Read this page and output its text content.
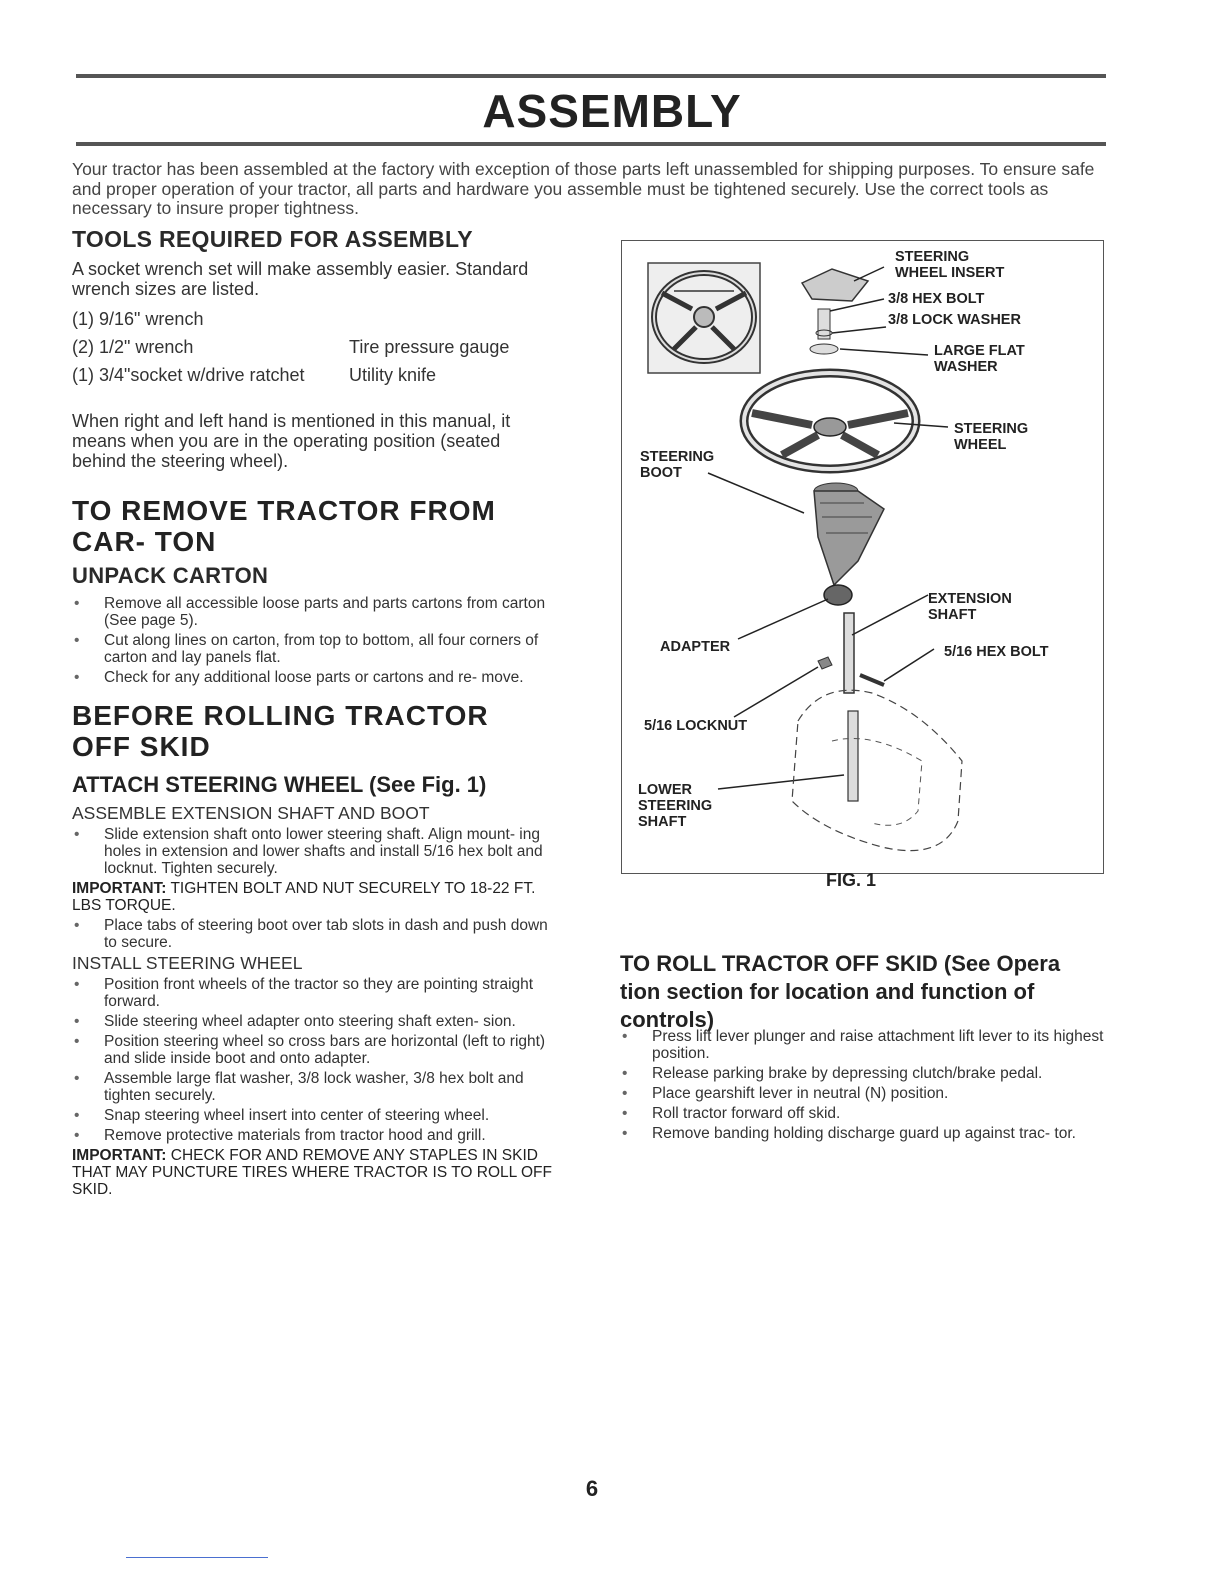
ASSEMBLY
Your tractor has been assembled at the factory with exception of those parts left unassembled for shipping purposes. To ensure safe and proper operation of your tractor, all parts and hardware you assemble must be tightened securely. Use the correct tools as necessary to insure proper tightness.
TOOLS REQUIRED FOR ASSEMBLY
A socket wrench set will make assembly easier. Standard wrench sizes are listed.
(1) 9/16" wrench
(2) 1/2" wrench	Tire pressure gauge
(1) 3/4"socket w/drive ratchet	Utility knife
When right and left hand is mentioned in this manual, it means when you are in the operating position (seated behind the steering wheel).
TO REMOVE TRACTOR FROM CAR- TON
UNPACK CARTON
• Remove all accessible loose parts and parts cartons from carton (See page 5).
• Cut along lines on carton, from top to bottom, all four corners of carton and lay panels flat.
• Check for any additional loose parts or cartons and re- move.
BEFORE ROLLING TRACTOR OFF SKID
ATTACH STEERING WHEEL (See Fig. 1)
ASSEMBLE EXTENSION SHAFT AND BOOT
• Slide extension shaft onto lower steering shaft. Align mount- ing holes in extension and lower shafts and install 5/16 hex bolt and locknut. Tighten securely.
IMPORTANT: TIGHTEN BOLT AND NUT SECURELY TO 18-22 FT. LBS TORQUE.
• Place tabs of steering boot over tab slots in dash and push down to secure.
INSTALL STEERING WHEEL
• Position front wheels of the tractor so they are pointing straight forward.
• Slide steering wheel adapter onto steering shaft exten- sion.
• Position steering wheel so cross bars are horizontal (left to right) and slide inside boot and onto adapter.
• Assemble large flat washer, 3/8 lock washer, 3/8 hex bolt and tighten securely.
• Snap steering wheel insert into center of steering wheel.
• Remove protective materials from tractor hood and grill.
IMPORTANT: CHECK FOR AND REMOVE ANY STAPLES IN SKID THAT MAY PUNCTURE TIRES WHERE TRACTOR IS TO ROLL OFF SKID.
STEERING WHEEL INSERT
3/8 HEX BOLT
3/8 LOCK WASHER
LARGE FLAT WASHER
STEERING WHEEL
STEERING BOOT
EXTENSION SHAFT
ADAPTER	5/16 HEX BOLT
5/16 LOCKNUT
LOWER STEERING SHAFT
FIG. 1
TO ROLL TRACTOR OFF SKID (See Opera tion section for location and function of controls)
• Press lift lever plunger and raise attachment lift lever to its highest position.
• Release parking brake by depressing clutch/brake pedal.
• Place gearshift lever in neutral (N) position.
• Roll tractor forward off skid.
• Remove banding holding discharge guard up against trac- tor.
6
